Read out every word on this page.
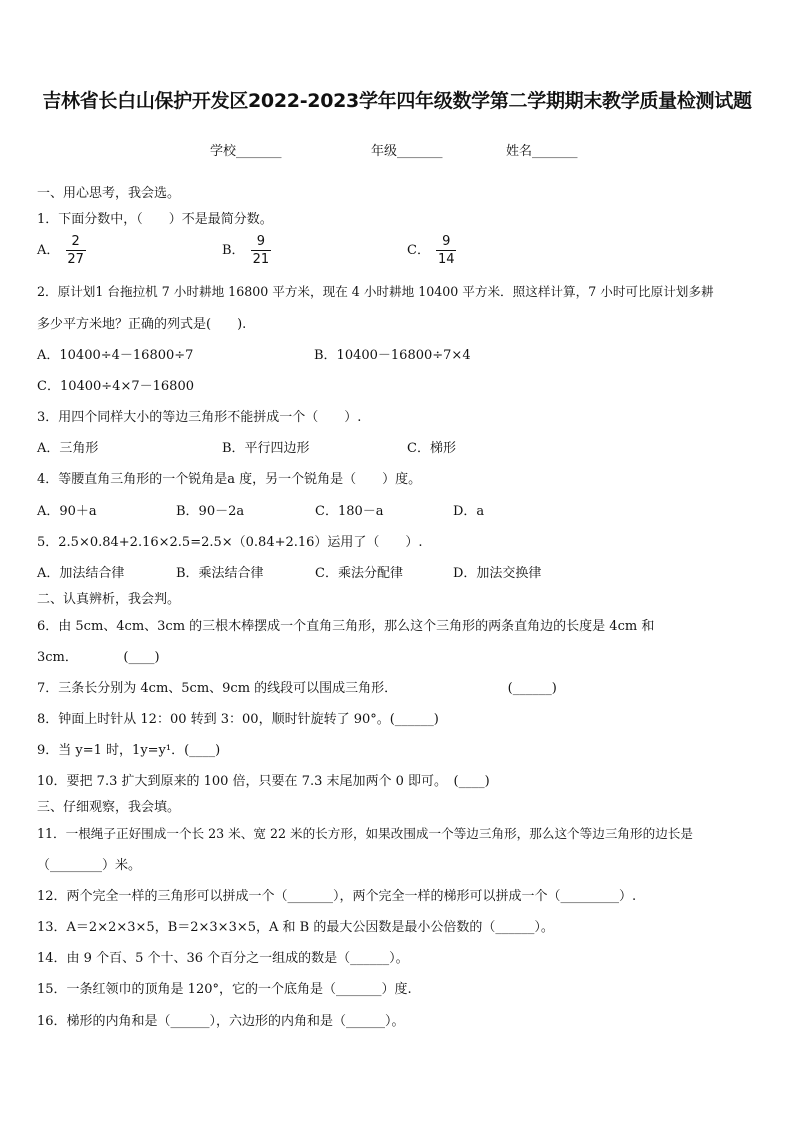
吉林省长白山保护开发区2022-2023学年四年级数学第二学期期末教学质量检测试题
学校_______	年级_______	姓名_______
一、用心思考，我会选。
1．下面分数中，（　　）不是最简分数。
A． $\frac{2}{27}$	B． $\frac{9}{21}$	C． $\frac{9}{14}$
2．原计划1 台拖拉机 7 小时耕地 16800 平方米，现在 4 小时耕地 10400 平方米．照这样计算，7 小时可比原计划多耕
多少平方米地？正确的列式是(　　).
A．10400÷4－16800÷7	B．10400－16800÷7×4
C．10400÷4×7－16800
3．用四个同样大小的等边三角形不能拼成一个（　　）.
A．三角形	B．平行四边形	C．梯形
4．等腰直角三角形的一个锐角是a 度，另一个锐角是（　　）度。
A．90＋a	B．90－2a	C．180－a	D．a
5．2.5×0.84+2.16×2.5=2.5×（0.84+2.16）运用了（　　）.
A．加法结合律	B．乘法结合律	C．乘法分配律	D．加法交换律
二、认真辨析，我会判。
6．由 5cm、4cm、3cm 的三根木棒摆成一个直角三角形，那么这个三角形的两条直角边的长度是 4cm 和
3cm．　　　　(____)
7．三条长分别为 4cm、5cm、9cm 的线段可以围成三角形．　　　　　　　　　(______)
8．钟面上时针从 12：00 转到 3：00，顺时针旋转了 90°。(______)
9．当 y=1 时，1y=y¹．(____)
10．要把 7.3 扩大到原来的 100 倍，只要在 7.3 末尾加两个 0 即可。　(____)
三、仔细观察，我会填。
11．一根绳子正好围成一个长 23 米、宽 22 米的长方形，如果改围成一个等边三角形，那么这个等边三角形的边长是
（________）米。
12．两个完全一样的三角形可以拼成一个（_______），两个完全一样的梯形可以拼成一个（_________）.
13．A＝2×2×3×5，B＝2×3×3×5，A 和 B 的最大公因数是最小公倍数的（______）。
14．由 9 个百、5 个十、36 个百分之一组成的数是（______）。
15．一条红领巾的顶角是 120°，它的一个底角是（_______）度.
16．梯形的内角和是（______），六边形的内角和是（______）。
